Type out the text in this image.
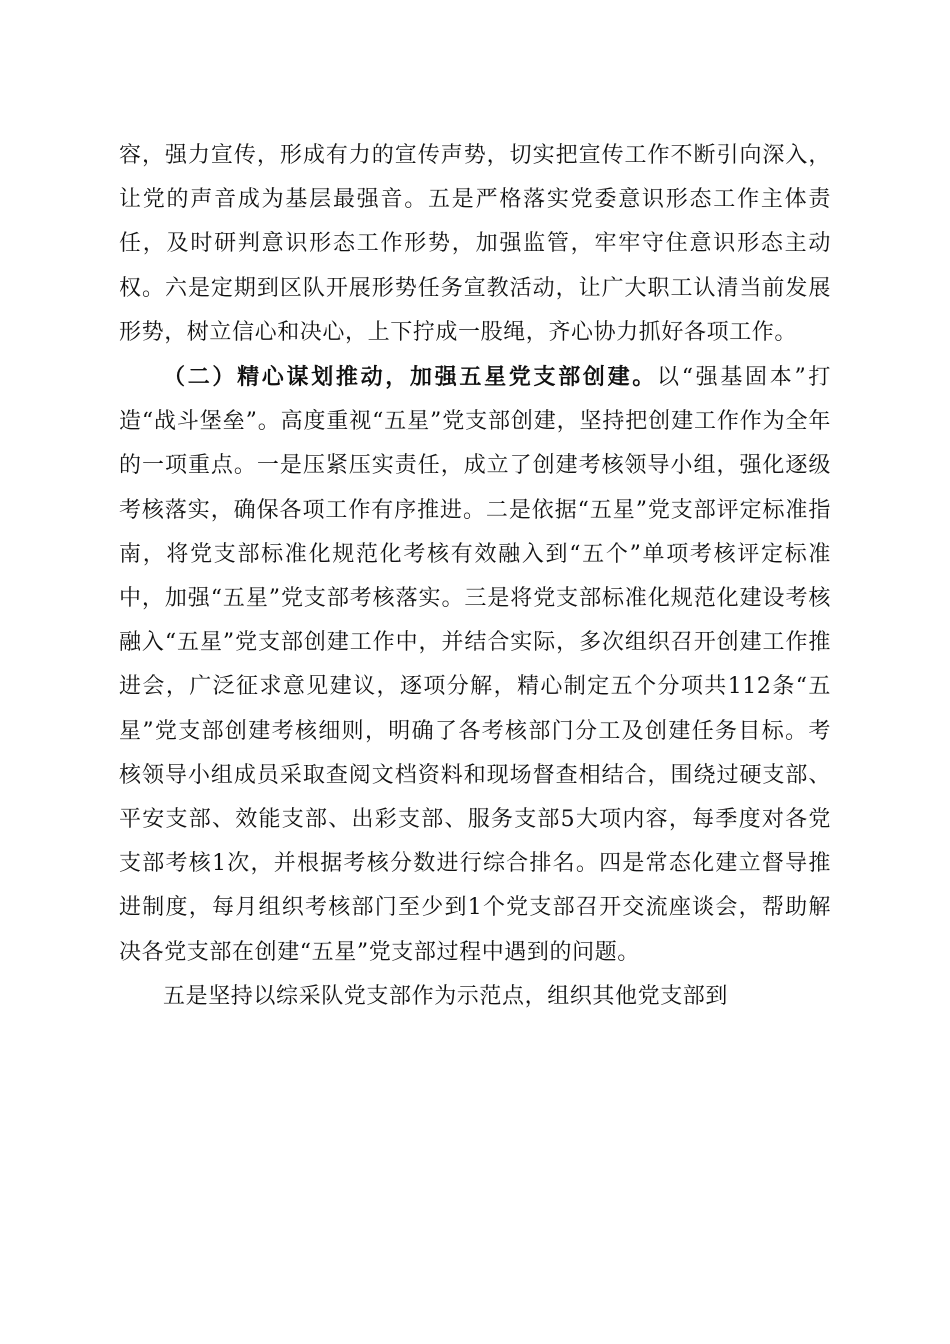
容，强力宣传，形成有力的宣传声势，切实把宣传工作不断引向深入，让党的声音成为基层最强音。五是严格落实党委意识形态工作主体责任，及时研判意识形态工作形势，加强监管，牢牢守住意识形态主动权。六是定期到区队开展形势任务宣教活动，让广大职工认清当前发展形势，树立信心和决心，上下拧成一股绳，齐心协力抓好各项工作。

（二）精心谋划推动，加强五星党支部创建。以“强基固本”打造“战斗堡垒”。高度重视“五星”党支部创建，坚持把创建工作作为全年的一项重点。一是压紧压实责任，成立了创建考核领导小组，强化逐级考核落实，确保各项工作有序推进。二是依据“五星”党支部评定标准指南，将党支部标准化规范化考核有效融入到“五个”单项考核评定标准中，加强“五星”党支部考核落实。三是将党支部标准化规范化建设考核融入“五星”党支部创建工作中，并结合实际，多次组织召开创建工作推进会，广泛征求意见建议，逐项分解，精心制定五个分项共112条“五星”党支部创建考核细则，明确了各考核部门分工及创建任务目标。考核领导小组成员采取查阅文档资料和现场督查相结合，围绕过硬支部、平安支部、效能支部、出彩支部、服务支部5大项内容，每季度对各党支部考核1次，并根据考核分数进行综合排名。四是常态化建立督导推进制度，每月组织考核部门至少到1个党支部召开交流座谈会，帮助解决各党支部在创建“五星”党支部过程中遇到的问题。

五是坚持以综采队党支部作为示范点，组织其他党支部到
